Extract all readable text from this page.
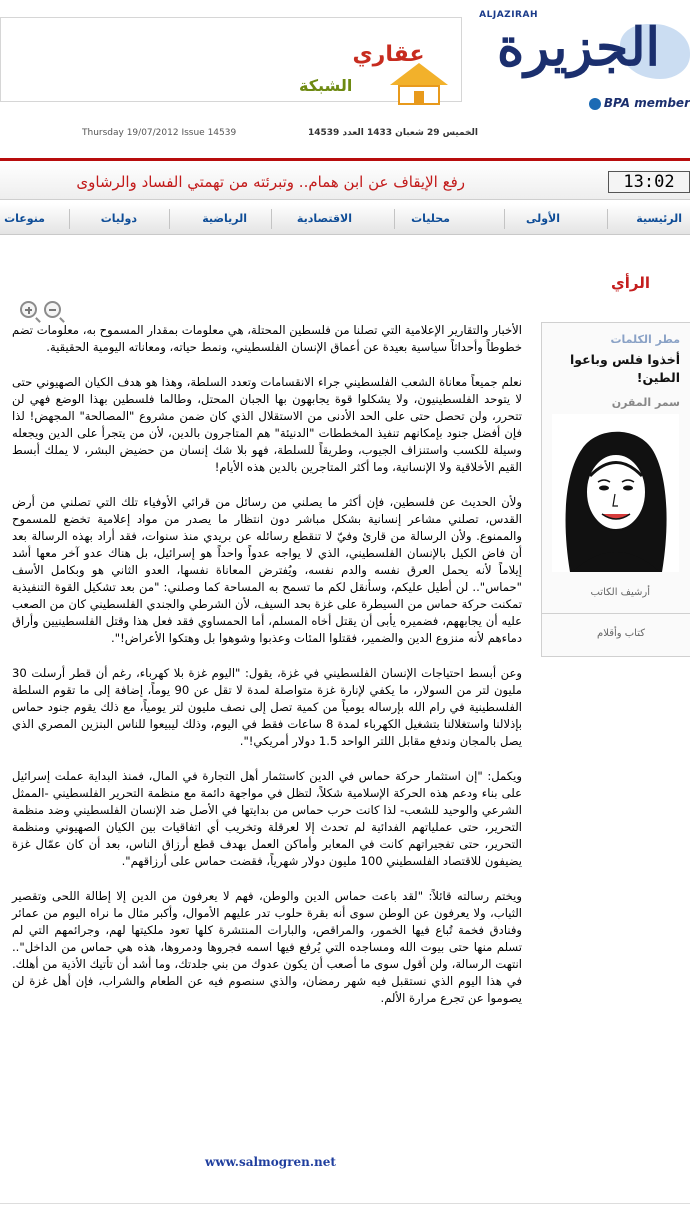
عقاري
الشبكة
ALJAZIRAH
الجزيرة
BPA member
Thursday 19/07/2012 Issue 14539	الخميس 29 شعبان 1433 العدد 14539
رفع الإيقاف عن ابن همام.. وتبرئته من تهمتي الفساد والرشاوى	13:02
الرئيسية
الأولى
محليات
الاقتصادية
الرياضية
دوليات
منوعات
الرأي

الأخبار والتقارير الإعلامية التي تصلنا من فلسطين المحتلة، هي معلومات بمقدار المسموح به، معلومات تضم خطوطاً وأحداثاً سياسية بعيدة عن أعماق الإنسان الفلسطيني، ونمط حياته، ومعاناته اليومية الحقيقية.

نعلم جميعاً معاناة الشعب الفلسطيني جراء الانقسامات وتعدد السلطة، وهذا هو هدف الكيان الصهيوني حتى لا يتوحد الفلسطينيون، ولا يشكلوا قوة يجابهون بها الجبان المحتل، وطالما فلسطين بهذا الوضع فهي لن تتحرر، ولن تحصل حتى على الحد الأدنى من الاستقلال الذي كان ضمن مشروع "المصالحة" المجهض! لذا فإن أفضل جنود بإمكانهم تنفيذ المخططات "الدنيئة" هم المتاجرون بالدين، لأن من يتجرأ على الدين ويجعله وسيلة للكسب واستنزاف الجيوب، وطريقاً للسلطة، فهو بلا شك إنسان من حضيض البشر، لا يملك أبسط القيم الأخلاقية ولا الإنسانية، وما أكثر المتاجرين بالدين هذه الأيام!

ولأن الحديث عن فلسطين، فإن أكثر ما يصلني من رسائل من قرائي الأوفياء تلك التي تصلني من أرض القدس، تصلني مشاعر إنسانية بشكل مباشر دون انتظار ما يصدر من مواد إعلامية تخضع للمسموح والممنوع. ولأن الرسالة من قارئ وفيّ لا تنقطع رسائله عن بريدي منذ سنوات، فقد أراد بهذه الرسالة بعد أن فاض الكيل بالإنسان الفلسطيني، الذي لا يواجه عدواً واحداً هو إسرائيل، بل هناك عدو آخر معها أشد إيلاماً لأنه يحمل العرق نفسه والدم نفسه، ويُفترض المعاناة نفسها، العدو الثاني هو وبكامل الأسف "حماس".. لن أطيل عليكم، وسأنقل لكم ما تسمح به المساحة كما وصلني: "من بعد تشكيل القوة التنفيذية تمكنت حركة حماس من السيطرة على غزة بحد السيف، لأن الشرطي والجندي الفلسطيني كان من الصعب عليه أن يجابههم، فضميره يأبى أن يقتل أخاه المسلم، أما الحمساوي فقد فعل هذا وقتل الفلسطينيين وأراق دماءهم لأنه منزوع الدين والضمير، فقتلوا المئات وعذبوا وشوهوا بل وهتكوا الأعراض!".

وعن أبسط احتياجات الإنسان الفلسطيني في غزة، يقول: "اليوم غزة بلا كهرباء، رغم أن قطر أرسلت 30 مليون لتر من السولار، ما يكفي لإنارة غزة متواصلة لمدة لا تقل عن 90 يوماً، إضافة إلى ما تقوم السلطة الفلسطينية في رام الله بإرساله يومياً من كمية تصل إلى نصف مليون لتر يومياً، مع ذلك يقوم جنود حماس بإذلالنا واستغلالنا بتشغيل الكهرباء لمدة 8 ساعات فقط في اليوم، وذلك ليبيعوا للناس البنزين المصري الذي يصل بالمجان وندفع مقابل اللتر الواحد 1.5 دولار أمريكي!".

ويكمل: "إن استثمار حركة حماس في الدين كاستثمار أهل التجارة في المال، فمنذ البداية عملت إسرائيل على بناء ودعم هذه الحركة الإسلامية شكلاً، لتظل في مواجهة دائمة مع منظمة التحرير الفلسطيني -الممثل الشرعي والوحيد للشعب- لذا كانت حرب حماس من بدايتها في الأصل ضد الإنسان الفلسطيني وضد منظمة التحرير، حتى عملياتهم الفدائية لم تحدث إلا لعرقلة وتخريب أي اتفاقيات بين الكيان الصهيوني ومنظمة التحرير، حتى تفجيراتهم كانت في المعابر وأماكن العمل بهدف قطع أرزاق الناس، بعد أن كان عمّال غزة يضيفون للاقتصاد الفلسطيني 100 مليون دولار شهرياً، فقضت حماس على أرزاقهم".

ويختم رسالته قائلاً: "لقد باعت حماس الدين والوطن، فهم لا يعرفون من الدين إلا إطالة اللحى وتقصير الثياب، ولا يعرفون عن الوطن سوى أنه بقرة حلوب تدر عليهم الأموال، وأكبر مثال ما نراه اليوم من عمائر وفنادق فخمة تُباع فيها الخمور، والمراقص، والبارات المنتشرة كلها تعود ملكيتها لهم، وجرائمهم التي لم تسلم منها حتى بيوت الله ومساجده التي يُرفع فيها اسمه فجروها ودمروها، هذه هي حماس من الداخل".. انتهت الرسالة، ولن أقول سوى ما أصعب أن يكون عدوك من بني جلدتك، وما أشد أن تأتيك الأذية من أهلك. في هذا اليوم الذي نستقبل فيه شهر رمضان، والذي سنصوم فيه عن الطعام والشراب، فإن أهل غزة لن يصوموا عن تجرع مرارة الألم.

www.salmogren.net
مطر الكلمات
أخذوا فلس وباعوا الطين!
سمر المقرن
أرشيف الكاتب
كتاب وأقلام
